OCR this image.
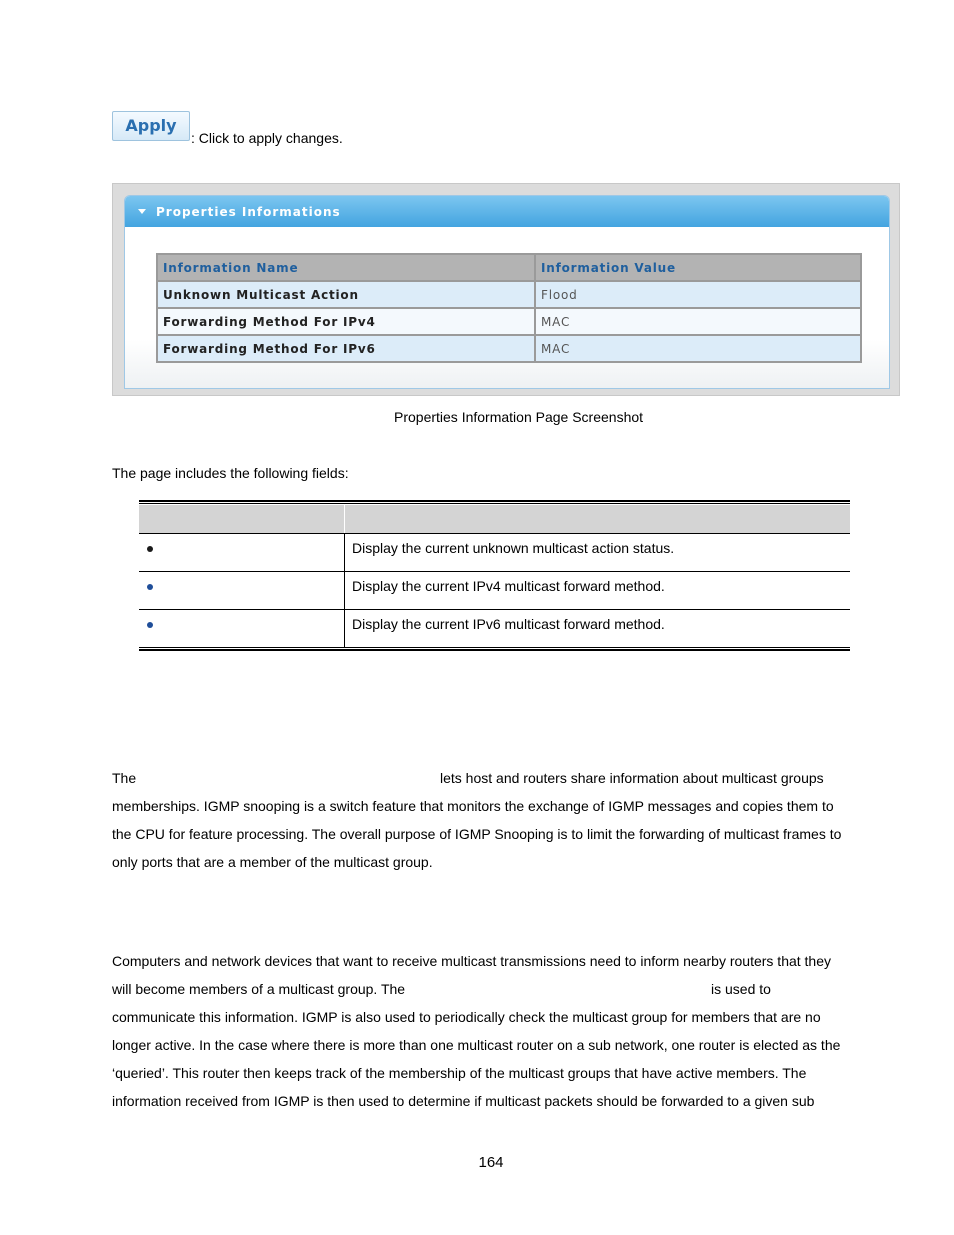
Apply
: Click to apply changes.
Properties Informations
Information Name	Information Value
Unknown Multicast Action	Flood
Forwarding Method For IPv4	MAC
Forwarding Method For IPv6	MAC
Properties Information Page Screenshot
The page includes the following fields:
Display the current unknown multicast action status.
Display the current IPv4 multicast forward method.
Display the current IPv6 multicast forward method.
The	lets host and routers share information about multicast groups
memberships. IGMP snooping is a switch feature that monitors the exchange of IGMP messages and copies them to
the CPU for feature processing. The overall purpose of IGMP Snooping is to limit the forwarding of multicast frames to
only ports that are a member of the multicast group.
Computers and network devices that want to receive multicast transmissions need to inform nearby routers that they
will become members of a multicast group. The	is used to
communicate this information. IGMP is also used to periodically check the multicast group for members that are no
longer active. In the case where there is more than one multicast router on a sub network, one router is elected as the
‘queried’. This router then keeps track of the membership of the multicast groups that have active members. The
information received from IGMP is then used to determine if multicast packets should be forwarded to a given sub
164
